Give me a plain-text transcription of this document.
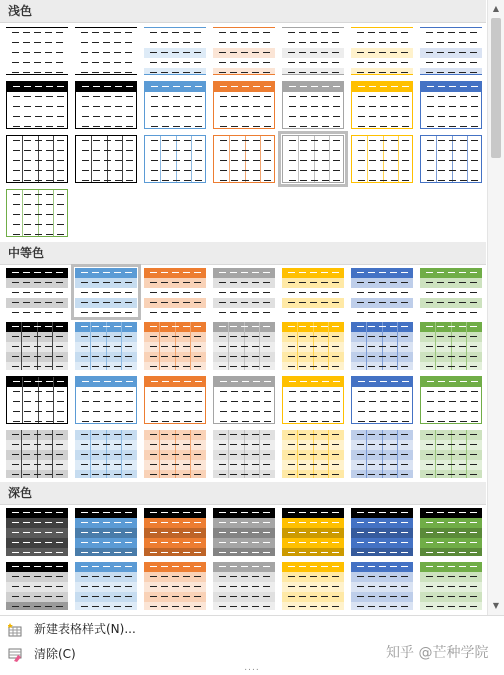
浅色
中等色
深色
▲
▼
新建表格样式(N)...
清除(C)
....
知乎 @芒种学院
